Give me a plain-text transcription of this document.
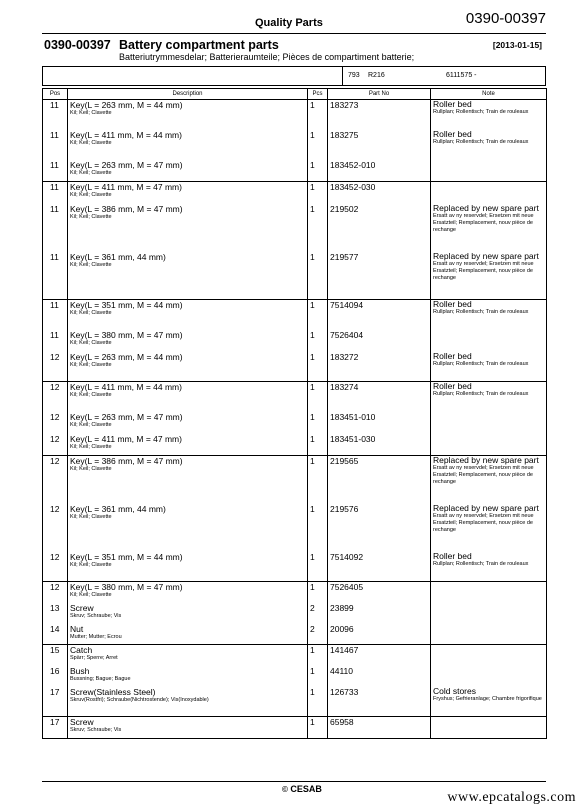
Quality Parts	0390-00397
0390-00397 Battery compartment parts
Batteriutrymmesdelar; Batterieraumteile; Pièces de compartiment batterie;
[2013-01-15]
793 R216	6111575 -
Pos	Description	Pcs	Part No	Note
11	Key(L = 263 mm, M = 44 mm)
Kil; Keil; Clavette	1	183273	Roller bed
Rullplan; Rollentisch; Train de rouleaux

11	Key(L = 411 mm, M = 44 mm)
Kil; Keil; Clavette	1	183275	Roller bed
Rullplan; Rollentisch; Train de rouleaux

11	Key(L = 263 mm, M = 47 mm)
Kil; Keil; Clavette	1	183452-010	

11	Key(L = 411 mm, M = 47 mm)
Kil; Keil; Clavette	1	183452-030	

11	Key(L = 386 mm, M = 47 mm)
Kil; Keil; Clavette	1	219502	Replaced by new spare part
Ersatt av ny reservdel; Ersetzen mit neue Ersatzteil; Remplacement, nouv pièce de rechange

11	Key(L = 361 mm, 44 mm)
Kil; Keil; Clavette	1	219577	Replaced by new spare part
Ersatt av ny reservdel; Ersetzen mit neue Ersatzteil; Remplacement, nouv pièce de rechange

11	Key(L = 351 mm, M = 44 mm)
Kil; Keil; Clavette	1	7514094	Roller bed
Rullplan; Rollentisch; Train de rouleaux

11	Key(L = 380 mm, M = 47 mm)
Kil; Keil; Clavette	1	7526404	

12	Key(L = 263 mm, M = 44 mm)
Kil; Keil; Clavette	1	183272	Roller bed
Rullplan; Rollentisch; Train de rouleaux

12	Key(L = 411 mm, M = 44 mm)
Kil; Keil; Clavette	1	183274	Roller bed
Rullplan; Rollentisch; Train de rouleaux

12	Key(L = 263 mm, M = 47 mm)
Kil; Keil; Clavette	1	183451-010	

12	Key(L = 411 mm, M = 47 mm)
Kil; Keil; Clavette	1	183451-030	

12	Key(L = 386 mm, M = 47 mm)
Kil; Keil; Clavette	1	219565	Replaced by new spare part
Ersatt av ny reservdel; Ersetzen mit neue Ersatzteil; Remplacement, nouv pièce de rechange

12	Key(L = 361 mm, 44 mm)
Kil; Keil; Clavette	1	219576	Replaced by new spare part
Ersatt av ny reservdel; Ersetzen mit neue Ersatzteil; Remplacement, nouv pièce de rechange

12	Key(L = 351 mm, M = 44 mm)
Kil; Keil; Clavette	1	7514092	Roller bed
Rullplan; Rollentisch; Train de rouleaux

12	Key(L = 380 mm, M = 47 mm)
Kil; Keil; Clavette	1	7526405	

13	Screw
Skruv; Schraube; Vis	2	23899	

14	Nut
Mutter; Mutter; Ecrou	2	20096	

15	Catch
Spärr; Sperre; Arret	1	141467	

16	Bush
Bussning; Bague; Bague	1	44110	

17	Screw(Stainless Steel)
Skruv(Rostfri); Schraube(Nichtrostende); Vis(Inoxydable)	1	126733	Cold stores
Fryshus; Gefrieranlage; Chambre frigorifique

17	Screw
Skruv; Schraube; Vis	1	65958	
© CESAB
www.epcatalogs.com
